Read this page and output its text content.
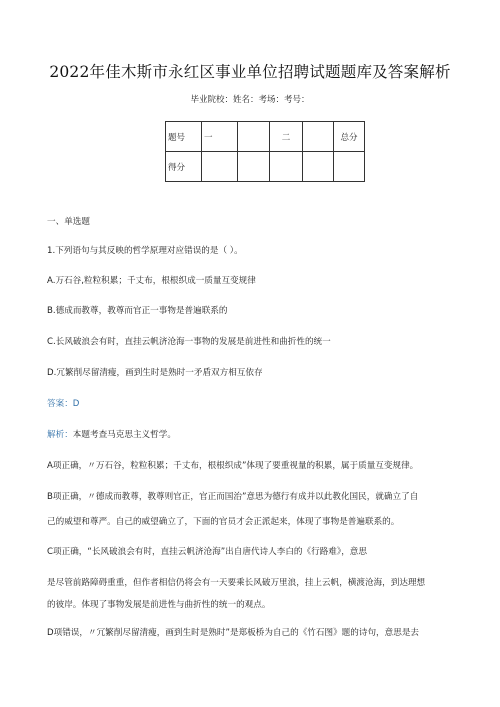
2022年佳木斯市永红区事业单位招聘试题题库及答案解析
毕业院校：姓名：考场：考号：
题号	一		二		总分
得分					
一、单选题
1.下列语句与其反映的哲学原理对应错误的是（ ）。
A.万石谷,粒粒积累；千丈布，根根织成一质量互变规律
B.德成而教尊，教尊而官正一事物是普遍联系的
C.长风破浪会有时，直挂云帆济沧海一事物的发展是前进性和曲折性的统一
D.冗繁削尽留清瘦，画到生时是熟时一矛盾双方相互依存
答案：D
解析：本题考查马克思主义哲学。
A项正确，〃万石谷，粒粒积累；千丈布，根根织成”体现了要重视量的积累，属于质量互变规律。
B项正确，〃德成而教尊，教尊则官正，官正而国治”意思为德行有成并以此教化国民，就确立了自
己的威望和尊严。自己的威望确立了，下面的官员才会正派起来，体现了事物是普遍联系的。
C项正确，“长风破浪会有时，直挂云帆济沧海”出自唐代诗人李白的《行路难》，意思
是尽管前路障碍重重，但作者相信仍将会有一天要乘长风破万里浪，挂上云帆，横渡沧海，到达理想
的彼岸。体现了事物发展是前进性与曲折性的统一的观点。
D项错误，〃冗繁削尽留清瘦，画到生时是熟时”是郑板桥为自己的《竹石图》题的诗句，意思是去
